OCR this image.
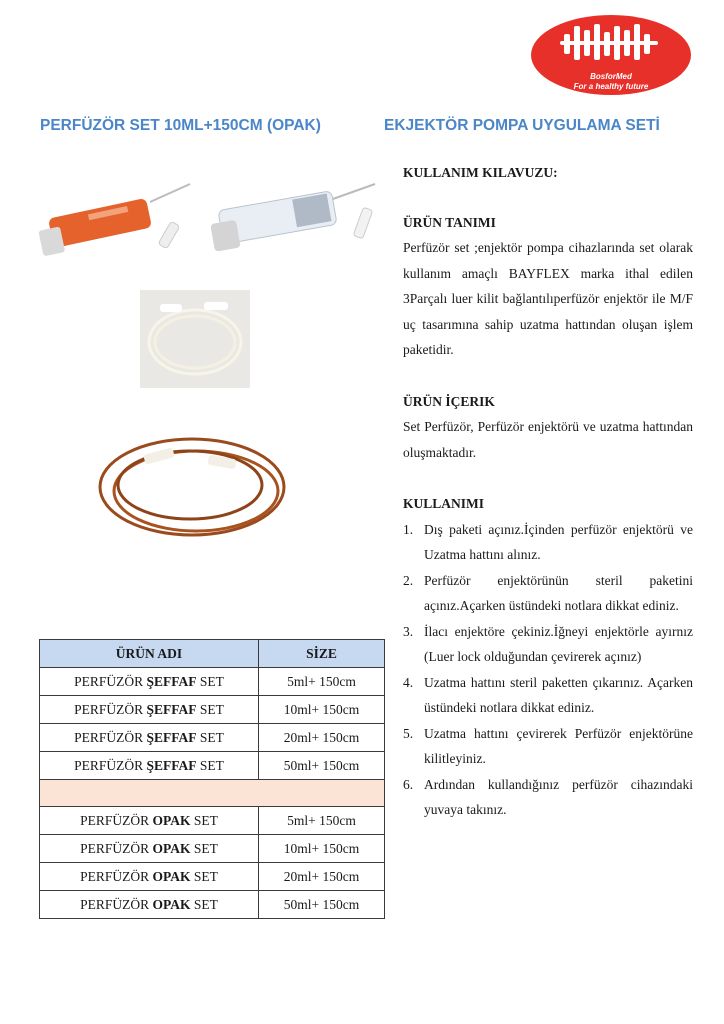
BosforMed
For a healthy future
PERFÜZÖR SET 10ML+150CM (OPAK)	EKJEKTÖR POMPA UYGULAMA SETİ

KULLANIM KILAVUZU:

ÜRÜN TANIMI

Perfüzör set ;enjektör pompa cihazlarında set olarak kullanım amaçlı BAYFLEX marka ithal edilen 3Parçalı luer kilit bağlantılıperfüzör enjektör ile M/F uç tasarımına sahip uzatma hattından oluşan işlem paketidir.

ÜRÜN İÇERIK

Set Perfüzör, Perfüzör enjektörü ve uzatma hattından oluşmaktadır.

KULLANIMI

1. Dış paketi açınız.İçinden perfüzör enjektörü ve Uzatma hattını alınız.
2. Perfüzör enjektörünün steril paketini açınız.Açarken üstündeki notlara dikkat ediniz.
3. İlacı enjektöre çekiniz.İğneyi enjektörle ayırnız (Luer lock olduğundan çevirerek açınız)
4. Uzatma hattını steril paketten çıkarınız. Açarken üstündeki notlara dikkat ediniz.
5. Uzatma hattını çevirerek Perfüzör enjektörüne kilitleyiniz.
6. Ardından kullandığınız perfüzör cihazındaki yuvaya takınız.
ÜRÜN ADI	SİZE
PERFÜZÖR ŞEFFAF SET	5ml+ 150cm
PERFÜZÖR ŞEFFAF SET	10ml+ 150cm
PERFÜZÖR ŞEFFAF SET	20ml+ 150cm
PERFÜZÖR ŞEFFAF SET	50ml+ 150cm

PERFÜZÖR OPAK SET	5ml+ 150cm
PERFÜZÖR OPAK SET	10ml+ 150cm
PERFÜZÖR OPAK SET	20ml+ 150cm
PERFÜZÖR OPAK SET	50ml+ 150cm
